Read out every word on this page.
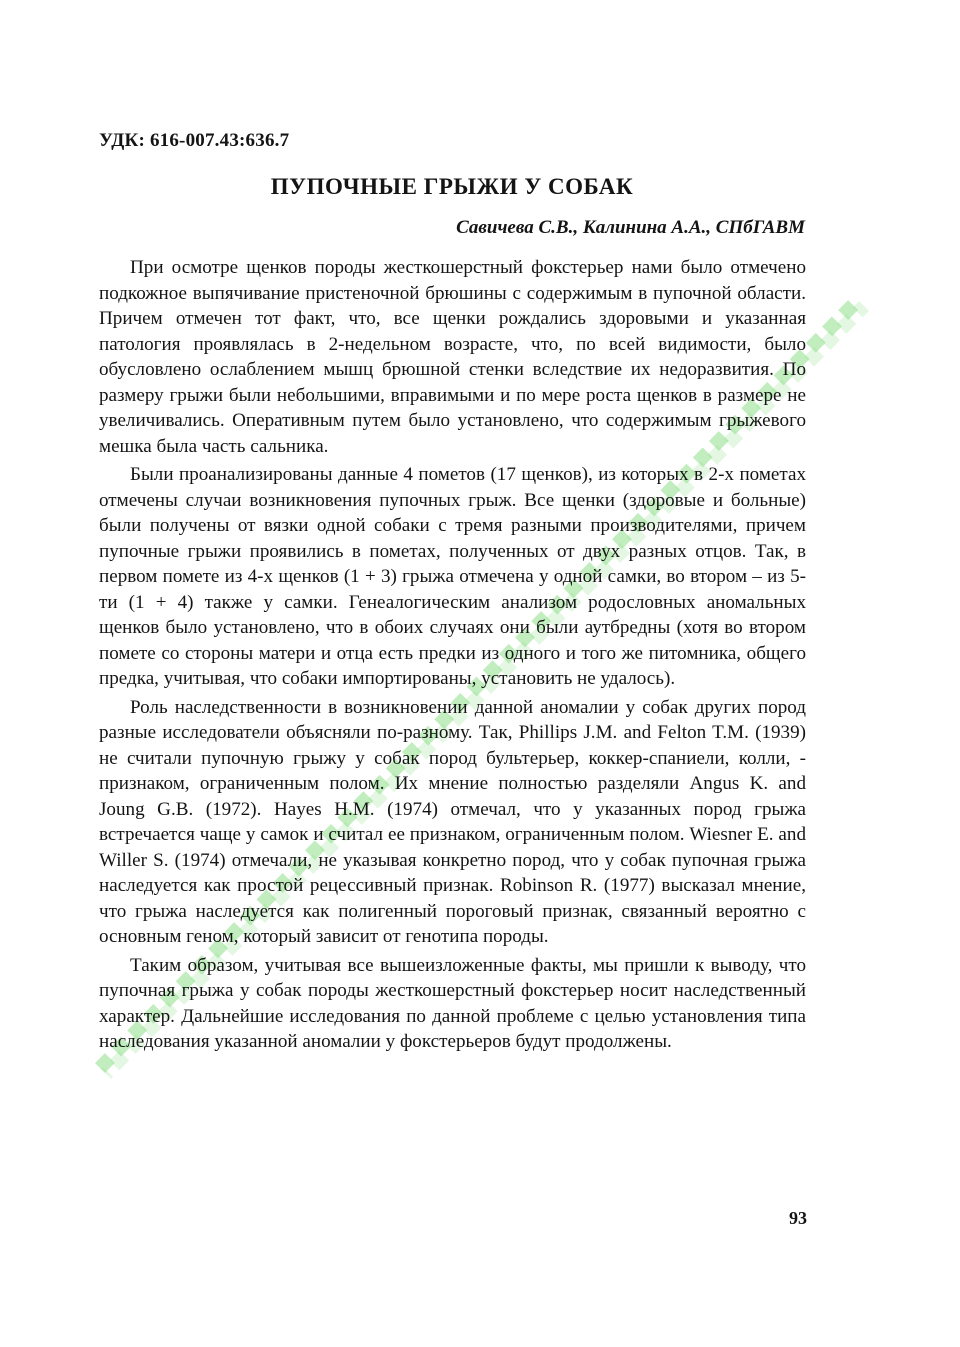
УДК: 616-007.43:636.7
ПУПОЧНЫЕ ГРЫЖИ У СОБАК
Савичева С.В., Калинина А.А., СПбГАВМ

При осмотре щенков породы жесткошерстный фокстерьер нами было отмечено подкожное выпячивание пристеночной брюшины с содержимым в пупочной области. Причем отмечен тот факт, что, все щенки рождались здоровыми и указанная патология проявлялась в 2-недельном возрасте, что, по всей видимости, было обусловлено ослаблением мышц брюшной стенки вследствие их недоразвития. По размеру грыжи были небольшими, вправимыми и по мере роста щенков в размере не увеличивались. Оперативным путем было установлено, что содержимым грыжевого мешка была часть сальника.

Были проанализированы данные 4 пометов (17 щенков), из которых в 2-х пометах отмечены случаи возникновения пупочных грыж. Все щенки (здоровые и больные) были получены от вязки одной собаки с тремя разными производителями, причем пупочные грыжи проявились в пометах, полученных от двух разных отцов. Так, в первом помете из 4-х щенков (1 + 3) грыжа отмечена у одной самки, во втором – из 5-ти (1 + 4) также у самки. Генеалогическим анализом родословных аномальных щенков было установлено, что в обоих случаях они были аутбредны (хотя во втором помете со стороны матери и отца есть предки из одного и того же питомника, общего предка, учитывая, что собаки импортированы, установить не удалось).

Роль наследственности в возникновении данной аномалии у собак других пород разные исследователи объясняли по-разному. Так, Phillips J.M. and Felton T.M. (1939) не считали пупочную грыжу у собак пород бультерьер, коккер-спаниели, колли, - признаком, ограниченным полом. Их мнение полностью разделяли Angus K. and Joung G.B. (1972). Hayes H.M. (1974) отмечал, что у указанных пород грыжа встречается чаще у самок и считал ее признаком, ограниченным полом. Wiesner E. and Willer S. (1974) отмечали, не указывая конкретно пород, что у собак пупочная грыжа наследуется как простой рецессивный признак. Robinson R. (1977) высказал мнение, что грыжа наследуется как полигенный пороговый признак, связанный вероятно с основным геном, который зависит от генотипа породы.

Таким образом, учитывая все вышеизложенные факты, мы пришли к выводу, что пупочная грыжа у собак породы жесткошерстный фокстерьер носит наследственный характер. Дальнейшие исследования по данной проблеме с целью установления типа наследования указанной аномалии у фокстерьеров будут продолжены.

93
